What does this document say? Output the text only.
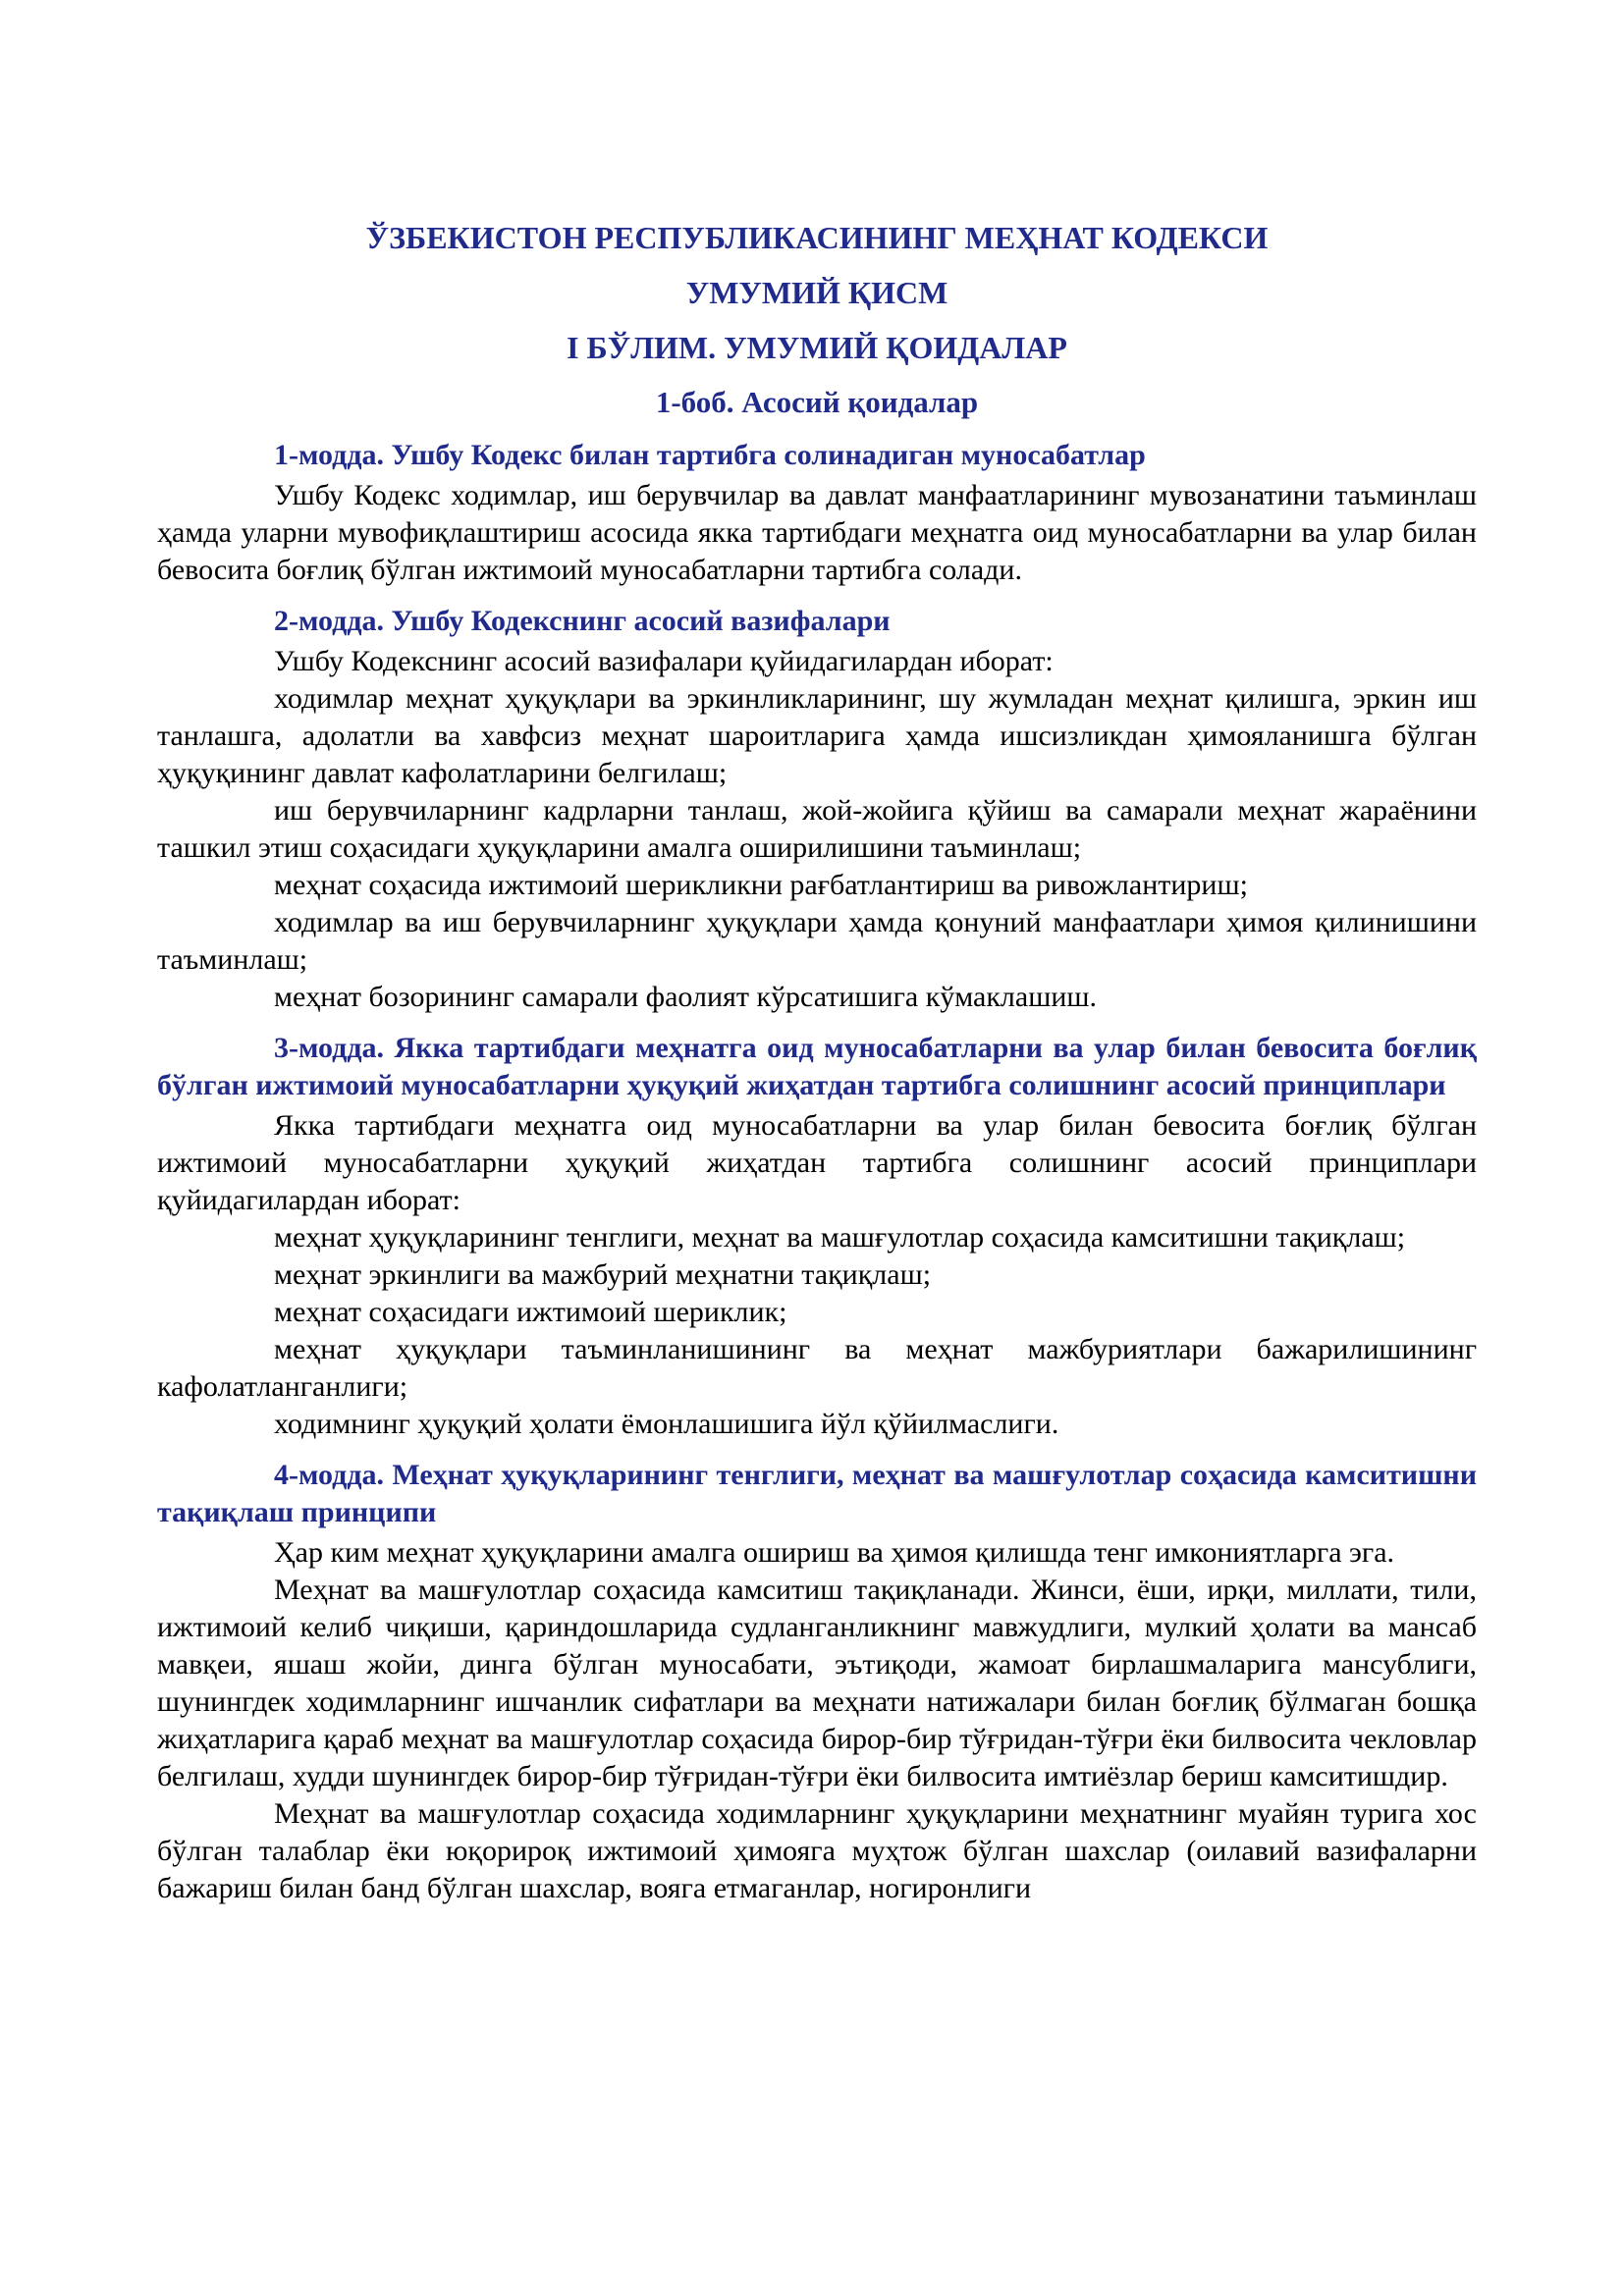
ЎЗБЕКИСТОН РЕСПУБЛИКАСИНИНГ МЕҲНАТ КОДЕКСИ

УМУМИЙ ҚИСМ

I БЎЛИМ. УМУМИЙ ҚОИДАЛАР

1-боб. Асосий қоидалар

1-модда. Ушбу Кодекс билан тартибга солинадиган муносабатлар

Ушбу Кодекс ходимлар, иш берувчилар ва давлат манфаатларининг мувозанатини таъминлаш ҳамда уларни мувофиқлаштириш асосида якка тартибдаги меҳнатга оид муносабатларни ва улар билан бевосита боғлиқ бўлган ижтимоий муносабатларни тартибга солади.

2-модда. Ушбу Кодекснинг асосий вазифалари

Ушбу Кодекснинг асосий вазифалари қуйидагилардан иборат:

ходимлар меҳнат ҳуқуқлари ва эркинликларининг, шу жумладан меҳнат қилишга, эркин иш танлашга, адолатли ва хавфсиз меҳнат шароитларига ҳамда ишсизликдан ҳимояланишга бўлган ҳуқуқининг давлат кафолатларини белгилаш;

иш берувчиларнинг кадрларни танлаш, жой-жойига қўйиш ва самарали меҳнат жараёнини ташкил этиш соҳасидаги ҳуқуқларини амалга оширилишини таъминлаш;

меҳнат соҳасида ижтимоий шерикликни рағбатлантириш ва ривожлантириш;

ходимлар ва иш берувчиларнинг ҳуқуқлари ҳамда қонуний манфаатлари ҳимоя қилинишини таъминлаш;

меҳнат бозорининг самарали фаолият кўрсатишига кўмаклашиш.

3-модда. Якка тартибдаги меҳнатга оид муносабатларни ва улар билан бевосита боғлиқ бўлган ижтимоий муносабатларни ҳуқуқий жиҳатдан тартибга солишнинг асосий принциплари

Якка тартибдаги меҳнатга оид муносабатларни ва улар билан бевосита боғлиқ бўлган ижтимоий муносабатларни ҳуқуқий жиҳатдан тартибга солишнинг асосий принциплари қуйидагилардан иборат:

меҳнат ҳуқуқларининг тенглиги, меҳнат ва машғулотлар соҳасида камситишни тақиқлаш;

меҳнат эркинлиги ва мажбурий меҳнатни тақиқлаш;

меҳнат соҳасидаги ижтимоий шериклик;

меҳнат ҳуқуқлари таъминланишининг ва меҳнат мажбуриятлари бажарилишининг кафолатланганлиги;

ходимнинг ҳуқуқий ҳолати ёмонлашишига йўл қўйилмаслиги.

4-модда. Меҳнат ҳуқуқларининг тенглиги, меҳнат ва машғулотлар соҳасида камситишни тақиқлаш принципи

Ҳар ким меҳнат ҳуқуқларини амалга ошириш ва ҳимоя қилишда тенг имкониятларга эга.

Меҳнат ва машғулотлар соҳасида камситиш тақиқланади. Жинси, ёши, ирқи, миллати, тили, ижтимоий келиб чиқиши, қариндошларида судланганликнинг мавжудлиги, мулкий ҳолати ва мансаб мавқеи, яшаш жойи, динга бўлган муносабати, эътиқоди, жамоат бирлашмаларига мансублиги, шунингдек ходимларнинг ишчанлик сифатлари ва меҳнати натижалари билан боғлиқ бўлмаган бошқа жиҳатларига қараб меҳнат ва машғулотлар соҳасида бирор-бир тўғридан-тўғри ёки билвосита чекловлар белгилаш, худди шунингдек бирор-бир тўғридан-тўғри ёки билвосита имтиёзлар бериш камситишдир.

Меҳнат ва машғулотлар соҳасида ходимларнинг ҳуқуқларини меҳнатнинг муайян турига хос бўлган талаблар ёки юқорироқ ижтимоий ҳимояга муҳтож бўлган шахслар (оилавий вазифаларни бажариш билан банд бўлган шахслар, вояга етмаганлар, ногиронлиги
